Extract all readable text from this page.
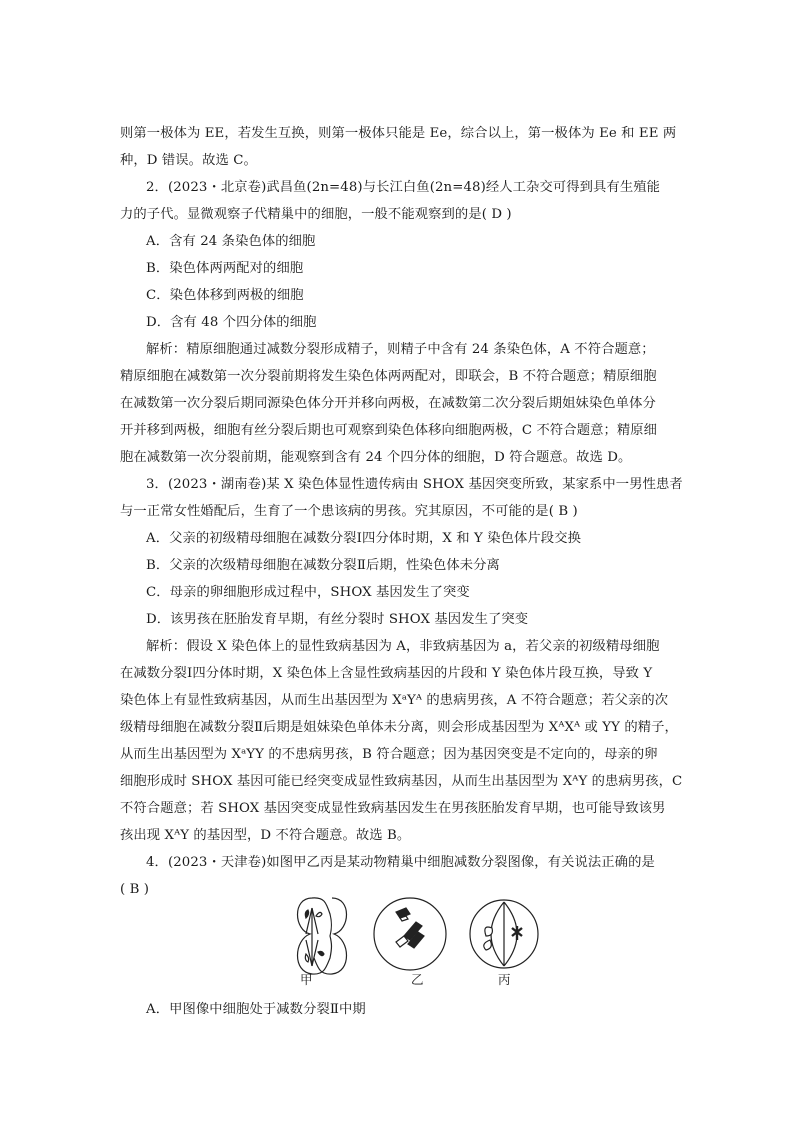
则第一极体为 EE，若发生互换，则第一极体只能是 Ee，综合以上，第一极体为 Ee 和 EE 两
种，D 错误。故选 C。
2．(2023・北京卷)武昌鱼(2n=48)与长江白鱼(2n=48)经人工杂交可得到具有生殖能
力的子代。显微观察子代精巢中的细胞，一般不能观察到的是( D )
A．含有 24 条染色体的细胞
B．染色体两两配对的细胞
C．染色体移到两极的细胞
D．含有 48 个四分体的细胞
解析：精原细胞通过减数分裂形成精子，则精子中含有 24 条染色体，A 不符合题意；
精原细胞在减数第一次分裂前期将发生染色体两两配对，即联会，B 不符合题意；精原细胞
在减数第一次分裂后期同源染色体分开并移向两极，在减数第二次分裂后期姐妹染色单体分
开并移到两极，细胞有丝分裂后期也可观察到染色体移向细胞两极，C 不符合题意；精原细
胞在减数第一次分裂前期，能观察到含有 24 个四分体的细胞，D 符合题意。故选 D。
3．(2023・湖南卷)某 X 染色体显性遗传病由 SHOX 基因突变所致，某家系中一男性患者
与一正常女性婚配后，生育了一个患该病的男孩。究其原因，不可能的是( B )
A．父亲的初级精母细胞在减数分裂Ⅰ四分体时期，X 和 Y 染色体片段交换
B．父亲的次级精母细胞在减数分裂Ⅱ后期，性染色体未分离
C．母亲的卵细胞形成过程中，SHOX 基因发生了突变
D．该男孩在胚胎发育早期，有丝分裂时 SHOX 基因发生了突变
解析：假设 X 染色体上的显性致病基因为 A，非致病基因为 a，若父亲的初级精母细胞
在减数分裂Ⅰ四分体时期，X 染色体上含显性致病基因的片段和 Y 染色体片段互换，导致 Y
染色体上有显性致病基因，从而生出基因型为 XᵃYᴬ 的患病男孩，A 不符合题意；若父亲的次
级精母细胞在减数分裂Ⅱ后期是姐妹染色单体未分离，则会形成基因型为 XᴬXᴬ 或 YY 的精子，
从而生出基因型为 XᵃYY 的不患病男孩，B 符合题意；因为基因突变是不定向的，母亲的卵
细胞形成时 SHOX 基因可能已经突变成显性致病基因，从而生出基因型为 XᴬY 的患病男孩，C
不符合题意；若 SHOX 基因突变成显性致病基因发生在男孩胚胎发育早期，也可能导致该男
孩出现 XᴬY 的基因型，D 不符合题意。故选 B。
4．(2023・天津卷)如图甲乙丙是某动物精巢中细胞减数分裂图像，有关说法正确的是
( B )
甲	乙	丙
A．甲图像中细胞处于减数分裂Ⅱ中期
